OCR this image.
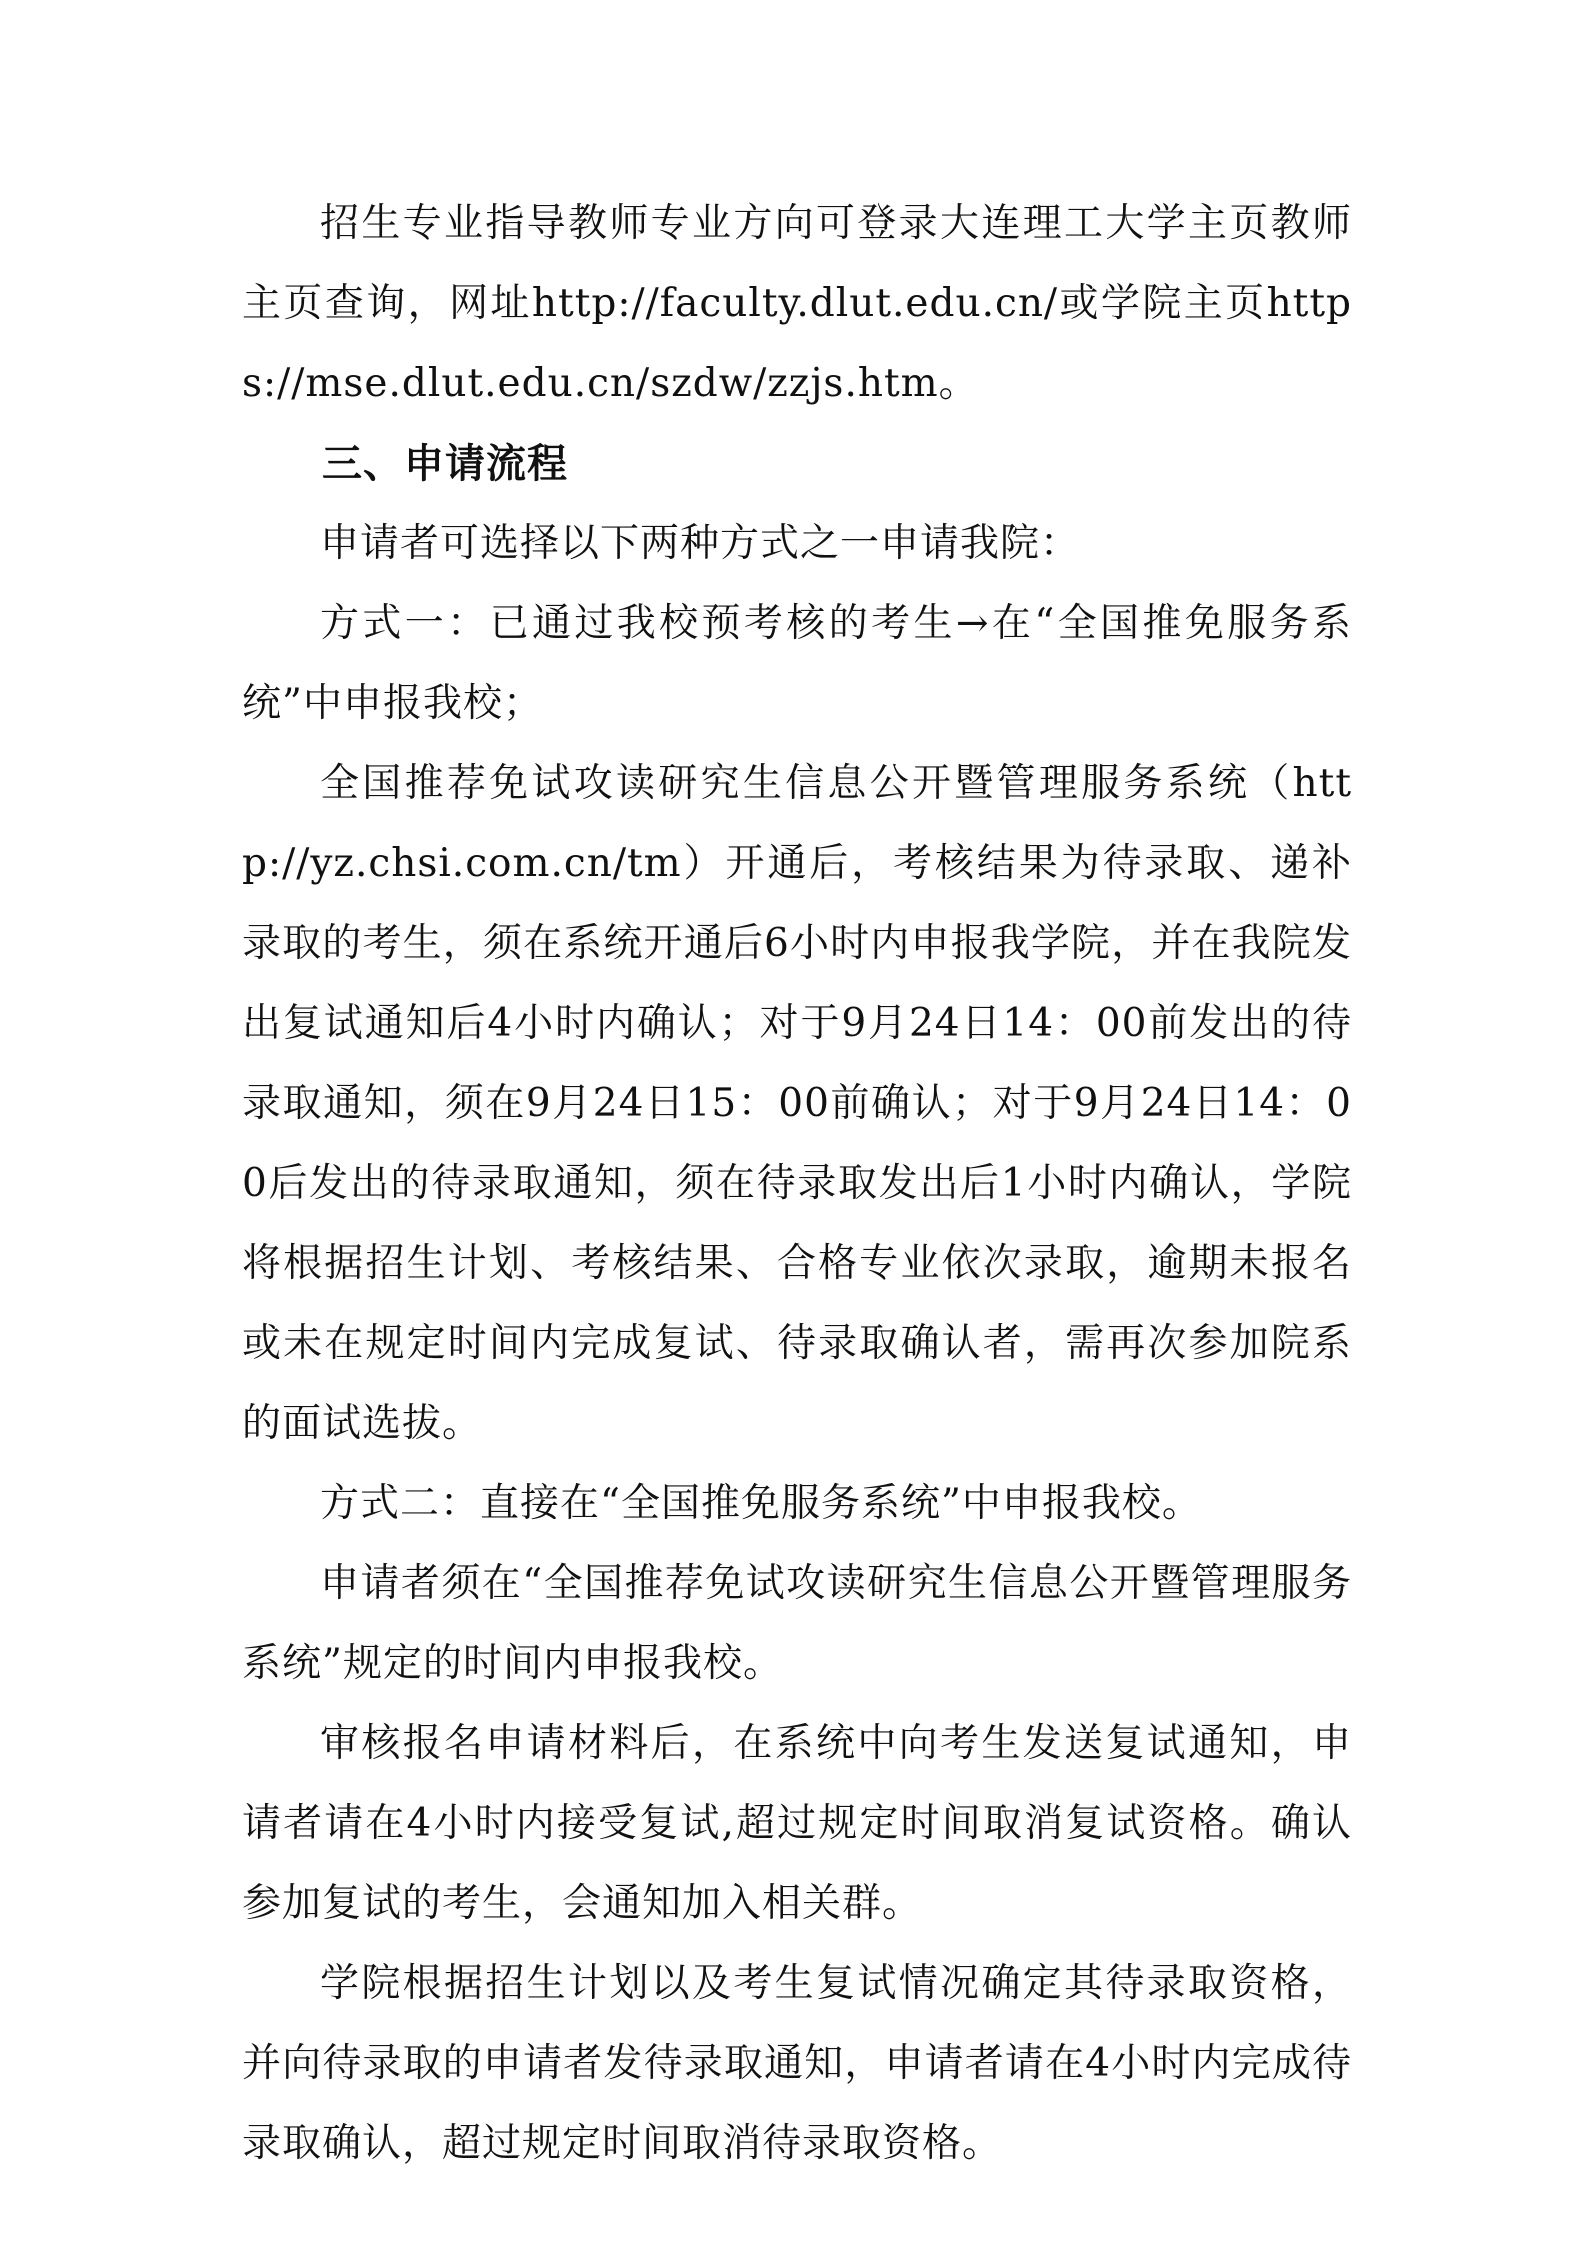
招生专业指导教师专业方向可登录大连理工大学主页教师主页查询，网址http://faculty.dlut.edu.cn/或学院主页https://mse.dlut.edu.cn/szdw/zzjs.htm。

三、申请流程

申请者可选择以下两种方式之一申请我院：

方式一：已通过我校预考核的考生→在“全国推免服务系统”中申报我校；

全国推荐免试攻读研究生信息公开暨管理服务系统（http://yz.chsi.com.cn/tm）开通后，考核结果为待录取、递补录取的考生，须在系统开通后6小时内申报我学院，并在我院发出复试通知后4小时内确认；对于9月24日14：00前发出的待录取通知，须在9月24日15：00前确认；对于9月24日14：00后发出的待录取通知，须在待录取发出后1小时内确认，学院将根据招生计划、考核结果、合格专业依次录取，逾期未报名或未在规定时间内完成复试、待录取确认者，需再次参加院系的面试选拔。

方式二：直接在“全国推免服务系统”中申报我校。

申请者须在“全国推荐免试攻读研究生信息公开暨管理服务系统”规定的时间内申报我校。

审核报名申请材料后，在系统中向考生发送复试通知，申请者请在4小时内接受复试,超过规定时间取消复试资格。确认参加复试的考生，会通知加入相关群。

学院根据招生计划以及考生复试情况确定其待录取资格，并向待录取的申请者发待录取通知，申请者请在4小时内完成待录取确认，超过规定时间取消待录取资格。
